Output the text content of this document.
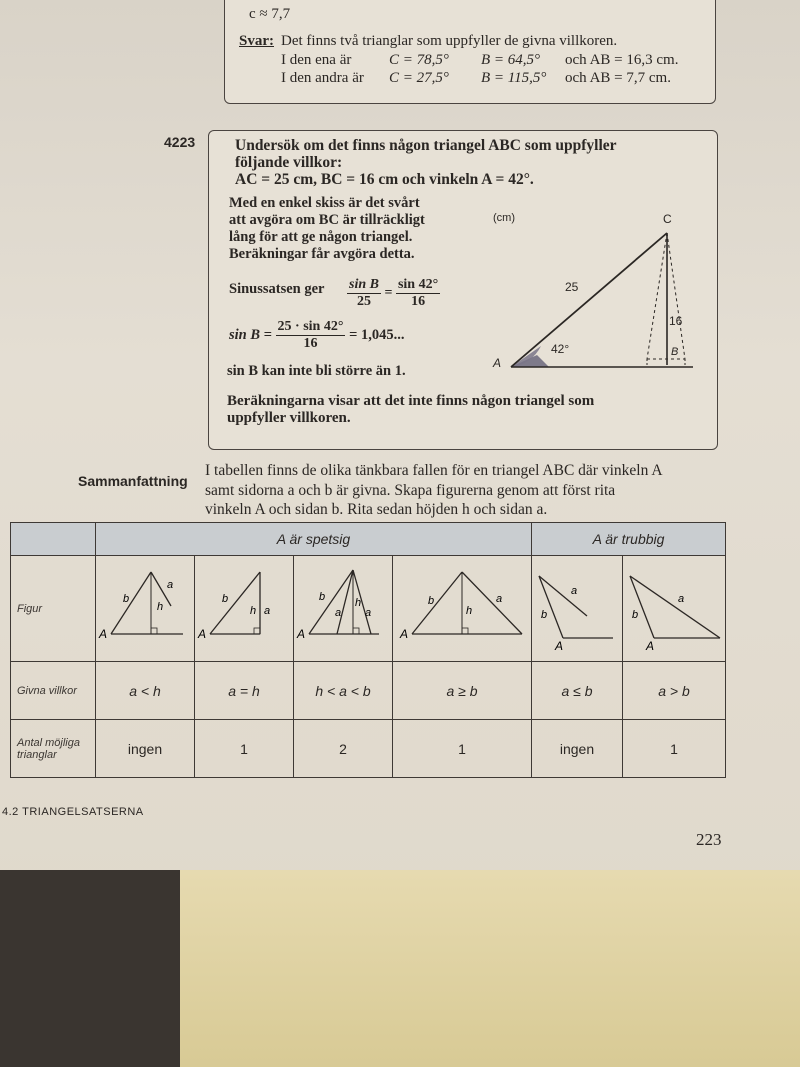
c ≈ 7,7
Svar: Det finns två trianglar som uppfyller de givna villkoren.
I den ena är	C = 78,5° B = 64,5° och AB = 16,3 cm.
I den andra är C = 27,5° B = 115,5° och AB = 7,7 cm.
4223	Undersök om det finns någon triangel ABC som uppfyller
följande villkor:
AC = 25 cm, BC = 16 cm och vinkeln A = 42°.
Med en enkel skiss är det svårt
att avgöra om BC är tillräckligt
lång för att ge någon triangel.
Beräkningar får avgöra detta.
Sinussatsen ger $\frac{\text{sin B}}{25} = \frac{\sin 42^\circ}{16}$
$\sin B = \frac{25 \cdot \sin 42^\circ}{16} = 1,045$...
sin B kan inte bli större än 1.
Beräkningarna visar att det inte finns någon triangel som
uppfyller villkoren.
(cm)	C
A
B
25
16
42°
Sammanfattning
I tabellen finns de olika tänkbara fallen för en triangel ABC där vinkeln A
samt sidorna a och b är givna. Skapa figurerna genom att först rita
vinkeln A och sidan b. Rita sedan höjden h och sidan a.
	A är spetsig				A är trubbig	
Figur	A
b
h
a	A
b
h a	A
b
a
h
a	A
b
h
a	A
b
a	A
b
a

Givna villkor	a < h	a = h	h < a < b	a ≥ b	a ≤ b	a > b
Antal möjliga
trianglar	ingen	1	2	1	ingen	1
4.2 TRIANGELSATSERNA
223
